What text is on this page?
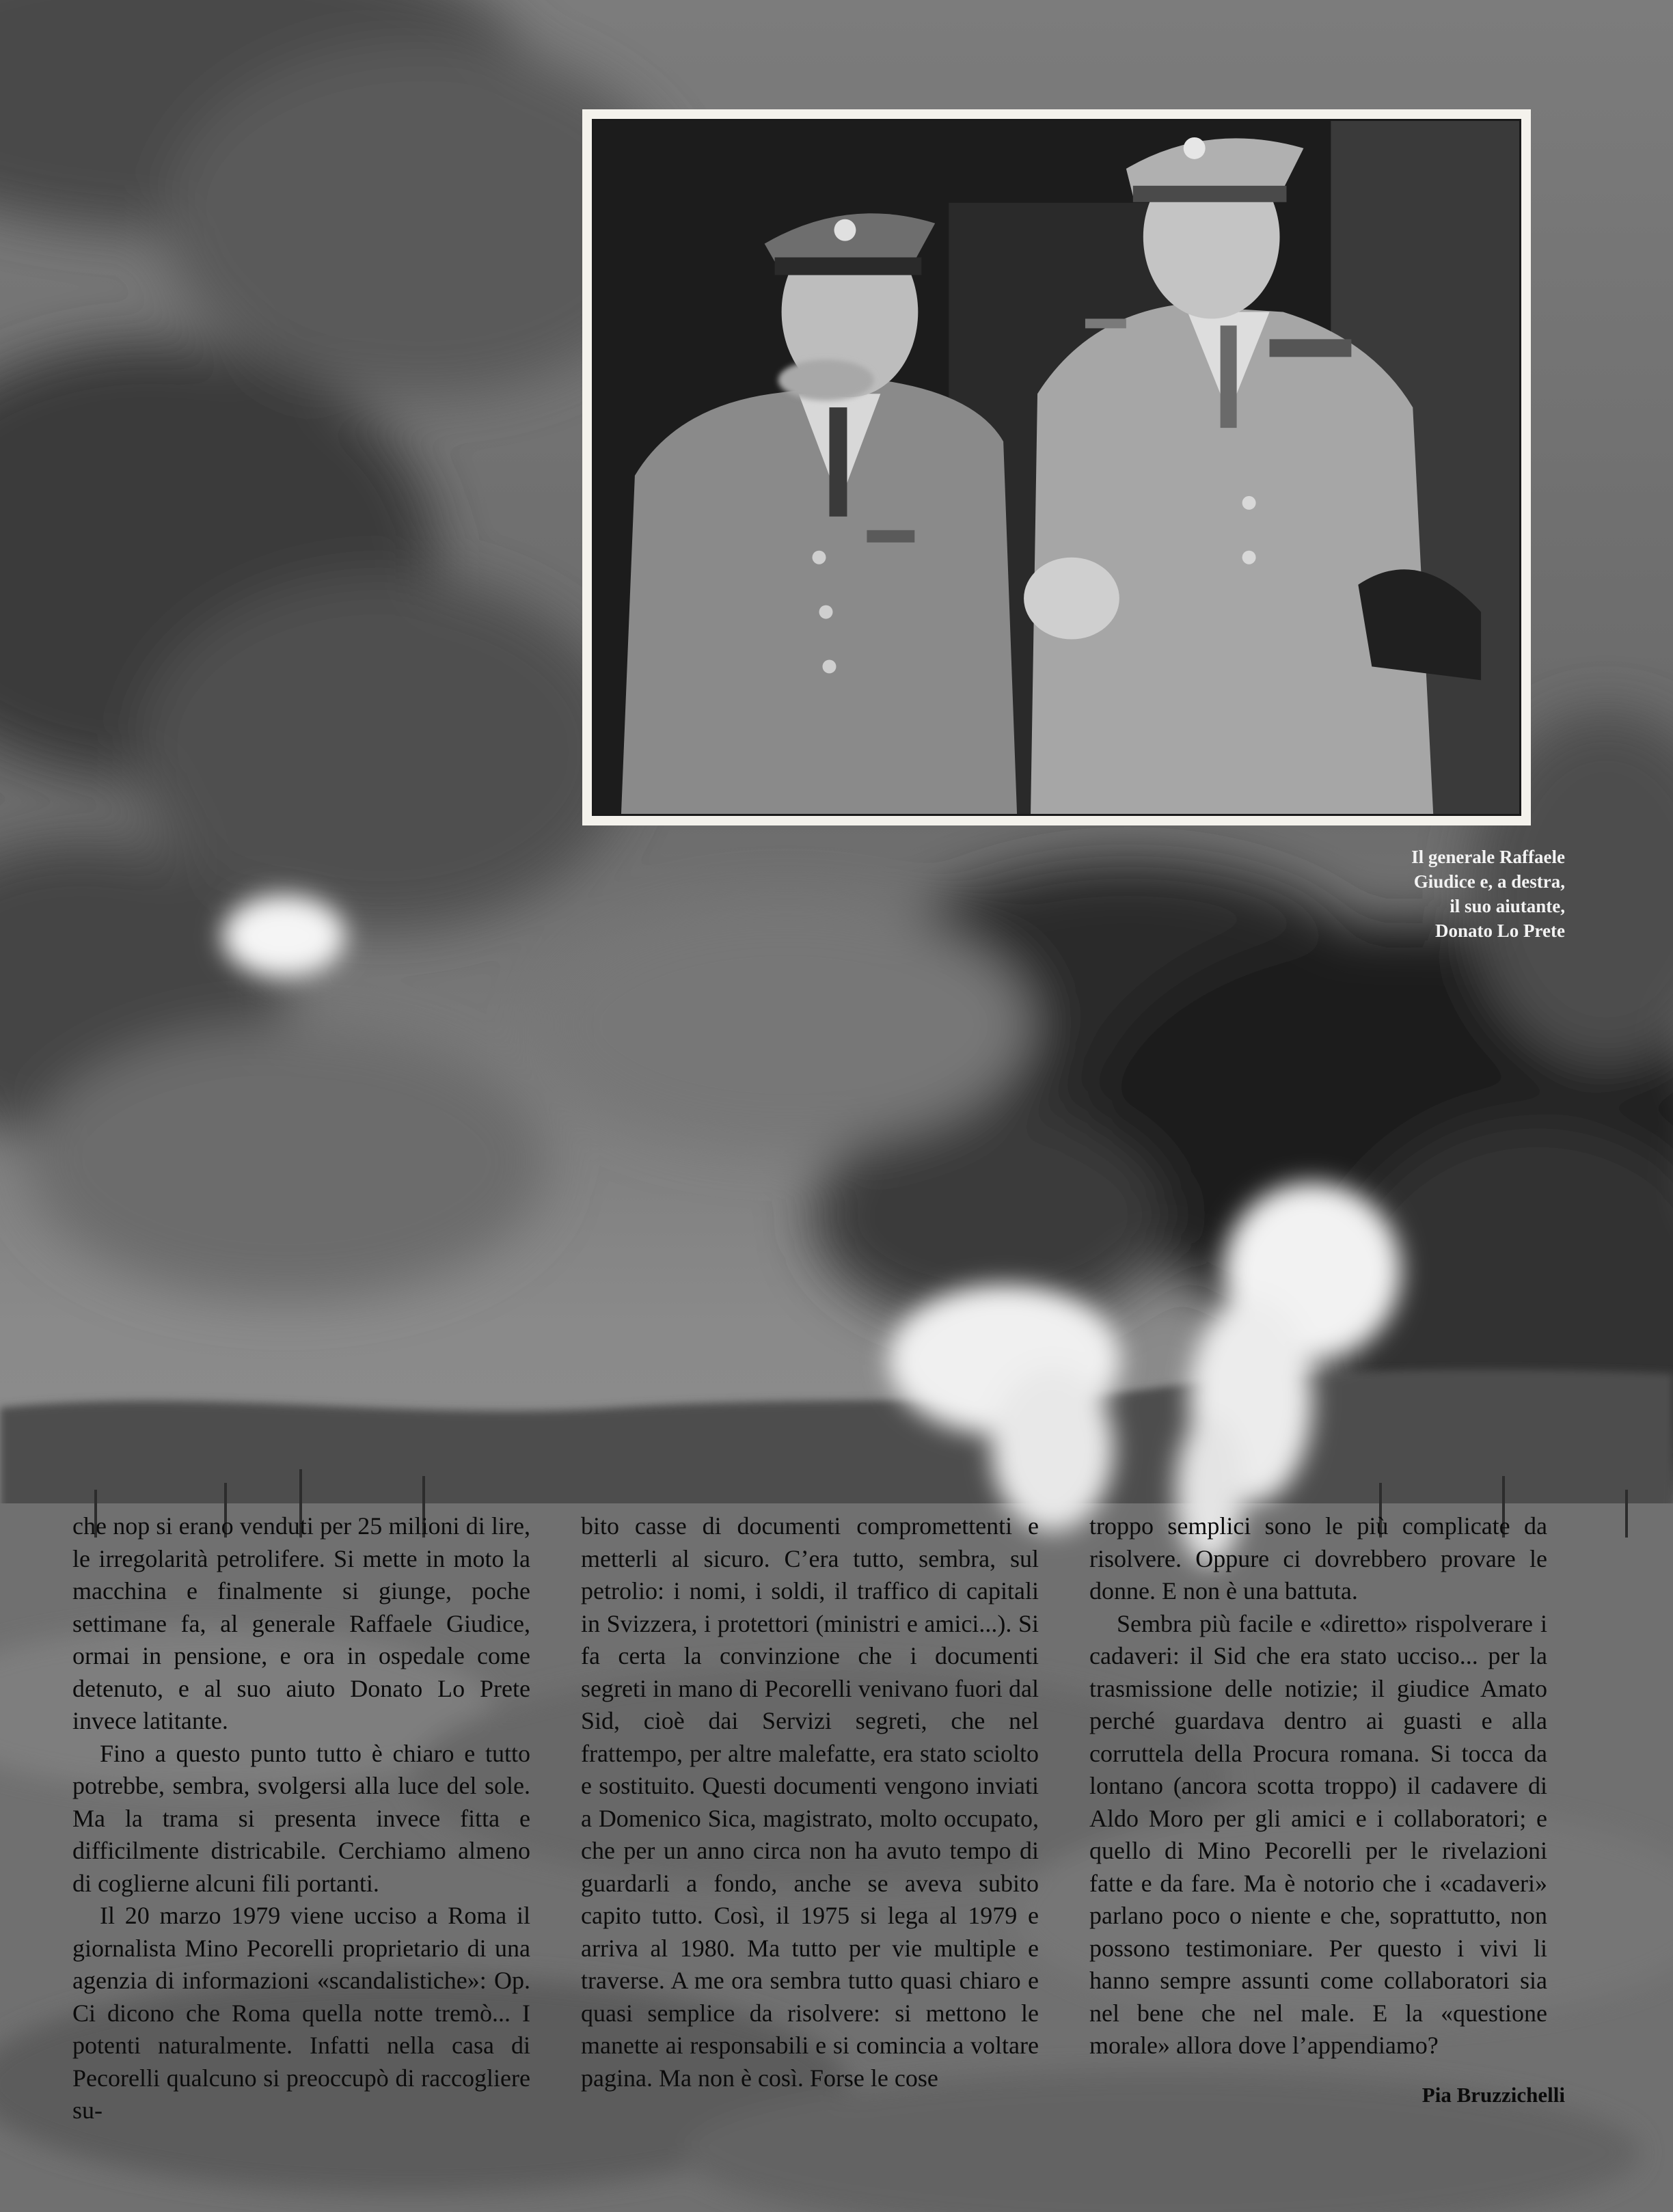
Il generale Raffaele
Giudice e, a destra,
il suo aiutante,
Donato Lo Prete

che nop si erano venduti per 25 milioni di lire, le irregolarità petrolifere. Si mette in moto la macchina e finalmente si giunge, poche settimane fa, al generale Raffaele Giudice, ormai in pensione, e ora in ospedale come detenuto, e al suo aiuto Donato Lo Prete invece latitante.

Fino a questo punto tutto è chiaro e tutto potrebbe, sembra, svolgersi alla luce del sole. Ma la trama si presenta invece fitta e difficilmente districabile. Cerchiamo almeno di coglierne alcuni fili portanti.

Il 20 marzo 1979 viene ucciso a Roma il giornalista Mino Pecorelli proprietario di una agenzia di informazioni «scandalistiche»: Op. Ci dicono che Roma quella notte tremò... I potenti naturalmente. Infatti nella casa di Pecorelli qualcuno si preoccupò di raccogliere su-

bito casse di documenti compromettenti e metterli al sicuro. C’era tutto, sembra, sul petrolio: i nomi, i soldi, il traffico di capitali in Svizzera, i protettori (ministri e amici...). Si fa certa la convinzione che i documenti segreti in mano di Pecorelli venivano fuori dal Sid, cioè dai Servizi segreti, che nel frattempo, per altre malefatte, era stato sciolto e sostituito. Questi documenti vengono inviati a Domenico Sica, magistrato, molto occupato, che per un anno circa non ha avuto tempo di guardarli a fondo, anche se aveva subito capito tutto. Così, il 1975 si lega al 1979 e arriva al 1980. Ma tutto per vie multiple e traverse. A me ora sembra tutto quasi chiaro e quasi semplice da risolvere: si mettono le manette ai responsabili e si comincia a voltare pagina. Ma non è così. Forse le cose

troppo semplici sono le più complicate da risolvere. Oppure ci dovrebbero provare le donne. E non è una battuta.

Sembra più facile e «diretto» rispolverare i cadaveri: il Sid che era stato ucciso... per la trasmissione delle notizie; il giudice Amato perché guardava dentro ai guasti e alla corruttela della Procura romana. Si tocca da lontano (ancora scotta troppo) il cadavere di Aldo Moro per gli amici e i collaboratori; e quello di Mino Pecorelli per le rivelazioni fatte e da fare. Ma è notorio che i «cadaveri» parlano poco o niente e che, soprattutto, non possono testimoniare. Per questo i vivi li hanno sempre assunti come collaboratori sia nel bene che nel male. E la «questione morale» allora dove l’appendiamo?

Pia Bruzzichelli
